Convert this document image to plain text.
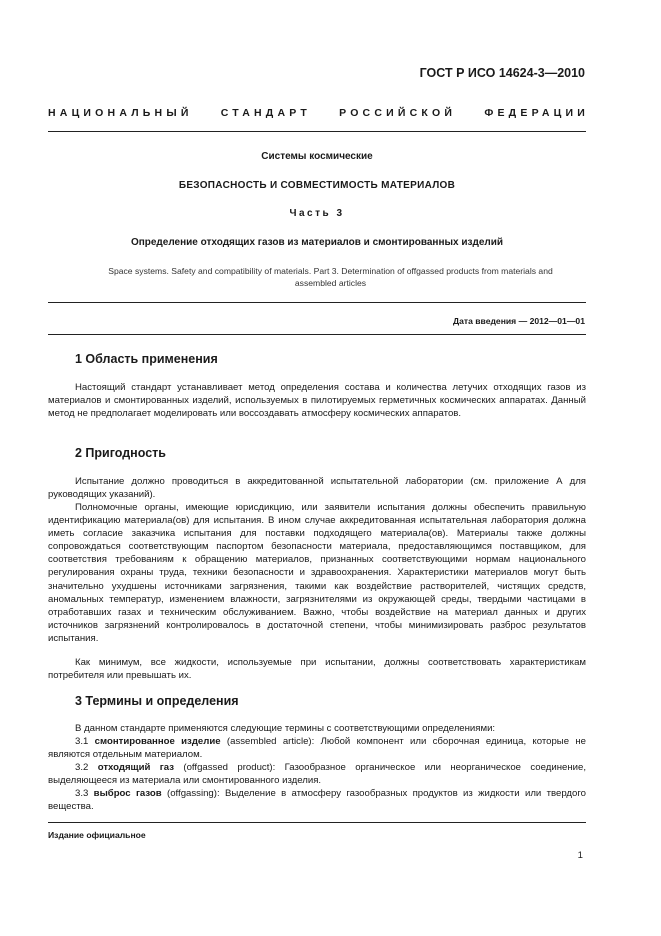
ГОСТ Р ИСО 14624-3—2010
НАЦИОНАЛЬНЫЙ СТАНДАРТ РОССИЙСКОЙ ФЕДЕРАЦИИ
Системы космические
БЕЗОПАСНОСТЬ И СОВМЕСТИМОСТЬ МАТЕРИАЛОВ
Часть 3
Определение отходящих газов из материалов и смонтированных изделий
Space systems. Safety and compatibility of materials. Part 3. Determination of offgassed products from materials and assembled articles
Дата введения — 2012—01—01
1 Область применения

Настоящий стандарт устанавливает метод определения состава и количества летучих отходящих газов из материалов и смонтированных изделий, используемых в пилотируемых герметичных космических аппаратах. Данный метод не предполагает моделировать или воссоздавать атмосферу космических аппаратов.

2 Пригодность

Испытание должно проводиться в аккредитованной испытательной лаборатории (см. приложение А для руководящих указаний).

Полномочные органы, имеющие юрисдикцию, или заявители испытания должны обеспечить правильную идентификацию материала(ов) для испытания. В ином случае аккредитованная испытательная лаборатория должна иметь согласие заказчика испытания для поставки подходящего материала(ов). Материалы также должны сопровождаться соответствующим паспортом безопасности материала, предоставляющимся поставщиком, для соответствия требованиям к обращению материалов, признанных соответствующими нормам национального регулирования охраны труда, техники безопасности и здравоохранения. Характеристики материалов могут быть значительно ухудшены источниками загрязнения, такими как воздействие растворителей, чистящих средств, аномальных температур, изменением влажности, загрязнителями из окружающей среды, твердыми частицами в отработавших газах и техническим обслуживанием. Важно, чтобы воздействие на материал данных и других источников загрязнений контролировалось в достаточной степени, чтобы минимизировать разброс результатов испытания.

Как минимум, все жидкости, используемые при испытании, должны соответствовать характеристикам потребителя или превышать их.

3 Термины и определения

В данном стандарте применяются следующие термины с соответствующими определениями:

3.1 смонтированное изделие (assembled article): Любой компонент или сборочная единица, которые не являются отдельным материалом.

3.2 отходящий газ (offgassed product): Газообразное органическое или неорганическое соединение, выделяющееся из материала или смонтированного изделия.

3.3 выброс газов (offgassing): Выделение в атмосферу газообразных продуктов из жидкости или твердого вещества.

Издание официальное
1
